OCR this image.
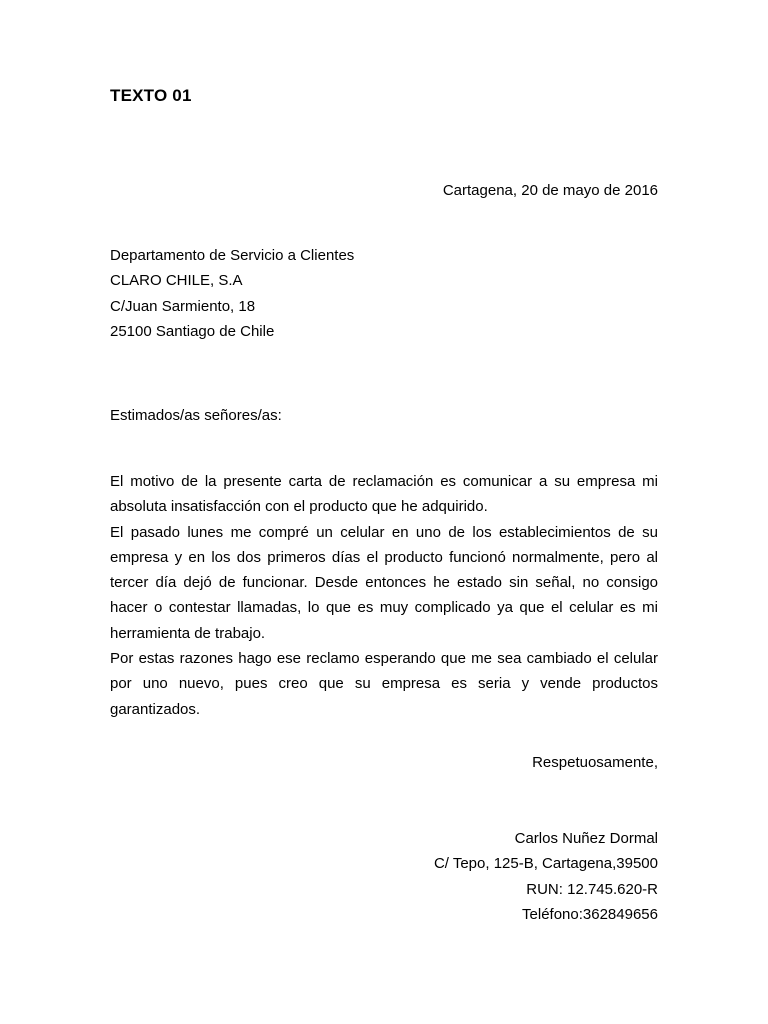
TEXTO 01
Cartagena, 20 de mayo de 2016
Departamento de Servicio a Clientes
CLARO CHILE, S.A
C/Juan Sarmiento, 18
25100 Santiago de Chile
Estimados/as señores/as:

El motivo de la presente carta de reclamación es comunicar a su empresa mi absoluta insatisfacción con el producto que he adquirido.

El pasado lunes me compré un celular en uno de los establecimientos de su empresa y en los dos primeros días el producto funcionó normalmente, pero al tercer día dejó de funcionar. Desde entonces he estado sin señal, no consigo hacer o contestar llamadas, lo que es muy complicado ya que el celular es mi herramienta de trabajo.

Por estas razones hago ese reclamo esperando que me sea cambiado el celular por uno nuevo, pues creo que su empresa es seria y vende productos garantizados.

Respetuosamente,
Carlos Nuñez Dormal
C/ Tepo, 125-B, Cartagena,39500
RUN: 12.745.620-R
Teléfono:362849656
